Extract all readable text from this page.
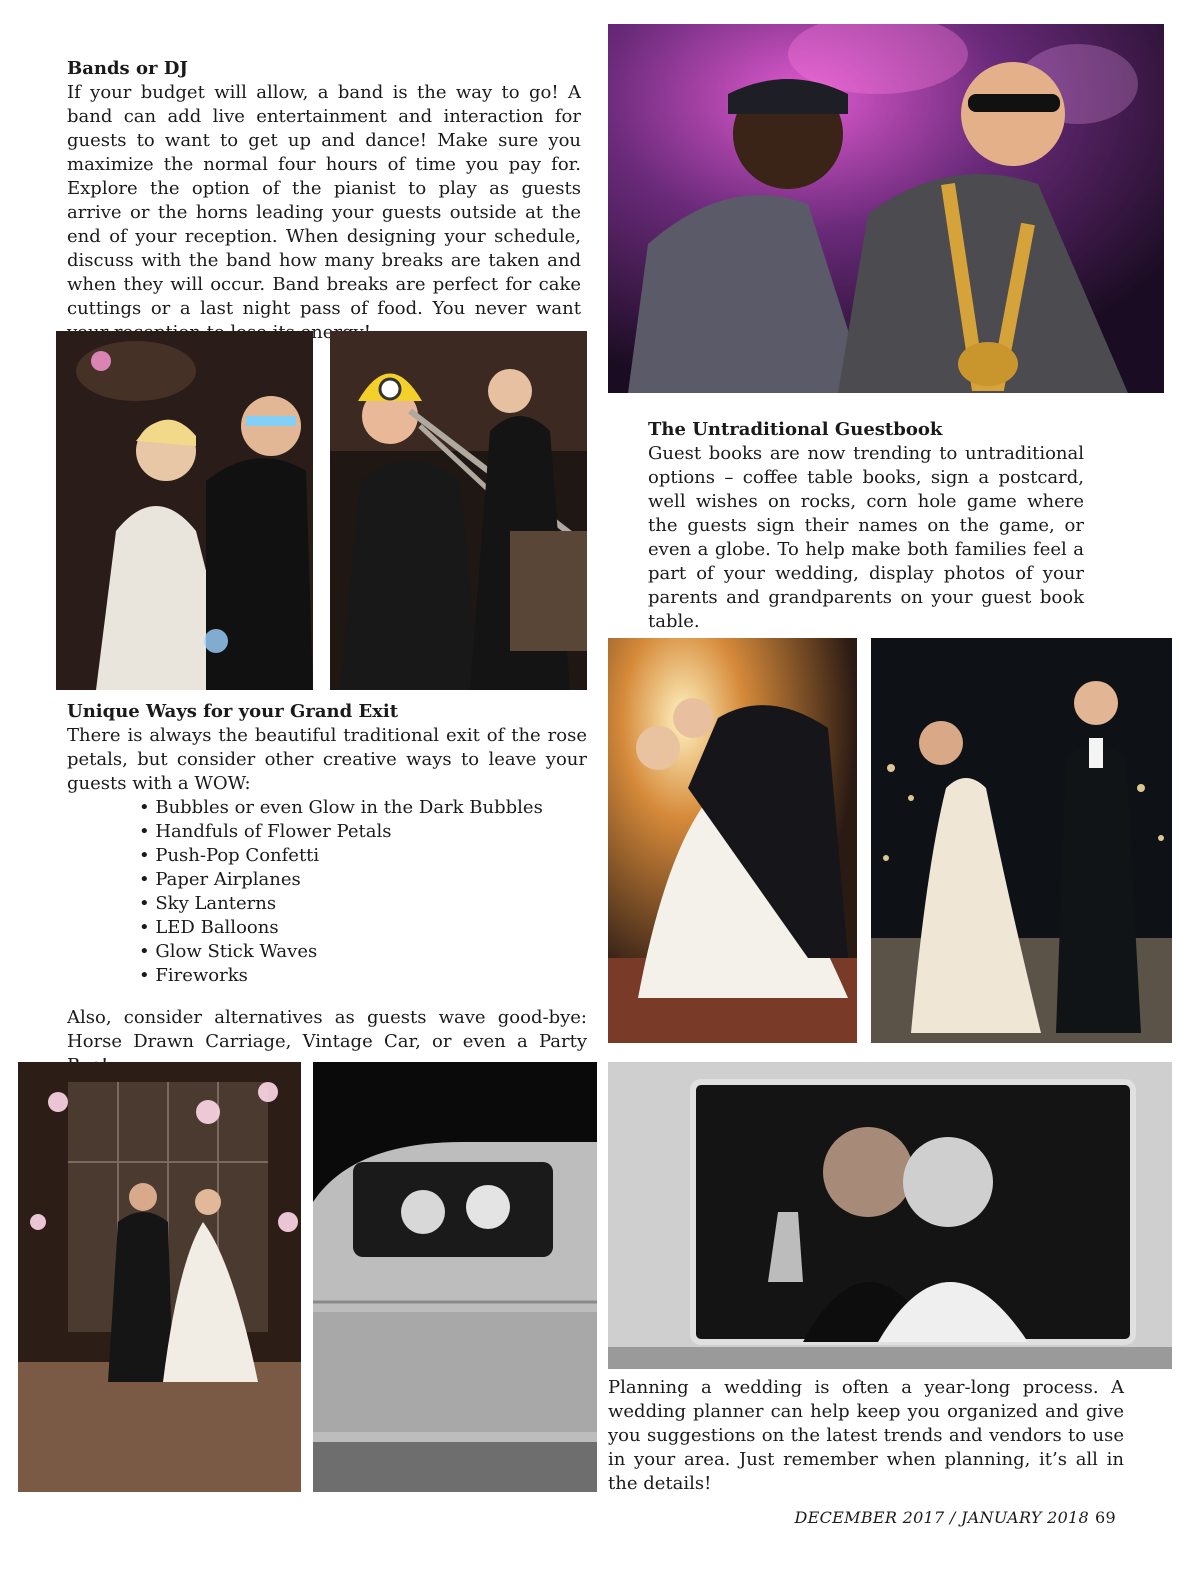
Bands or DJ

If your budget will allow, a band is the way to go! A band can add live entertainment and interaction for guests to want to get up and dance! Make sure you maximize the normal four hours of time you pay for. Explore the option of the pianist to play as guests arrive or the horns leading your guests outside at the end of your reception. When designing your schedule, discuss with the band how many breaks are taken and when they will occur. Band breaks are perfect for cake cuttings or a last night pass of food. You never want

The Untraditional Guestbook

Guest books are now trending to untraditional options – coffee table books, sign a postcard, well wishes on rocks, corn hole game where the guests sign their names on the game, or even a globe. To help make both families feel a part of your wedding, display photos of your parents and grandparents on your guest book table.

Unique Ways for your Grand Exit

There is always the beautiful traditional exit of the rose petals, but consider other creative ways to leave your guests with a WOW:

• Bubbles or even Glow in the Dark Bubbles
• Handfuls of Flower Petals
• Push-Pop Confetti
• Paper Airplanes
• Sky Lanterns
• LED Balloons
• Glow Stick Waves
• Fireworks

Also, consider alternatives as guests wave good-bye: Horse Drawn Carriage, Vintage Car, or even a Party

Planning a wedding is often a year-long process. A wedding planner can help keep you organized and give you suggestions on the latest trends and vendors to use in your area. Just remember when planning, it’s all in the details!

DECEMBER 2017 / JANUARY 2018 69
